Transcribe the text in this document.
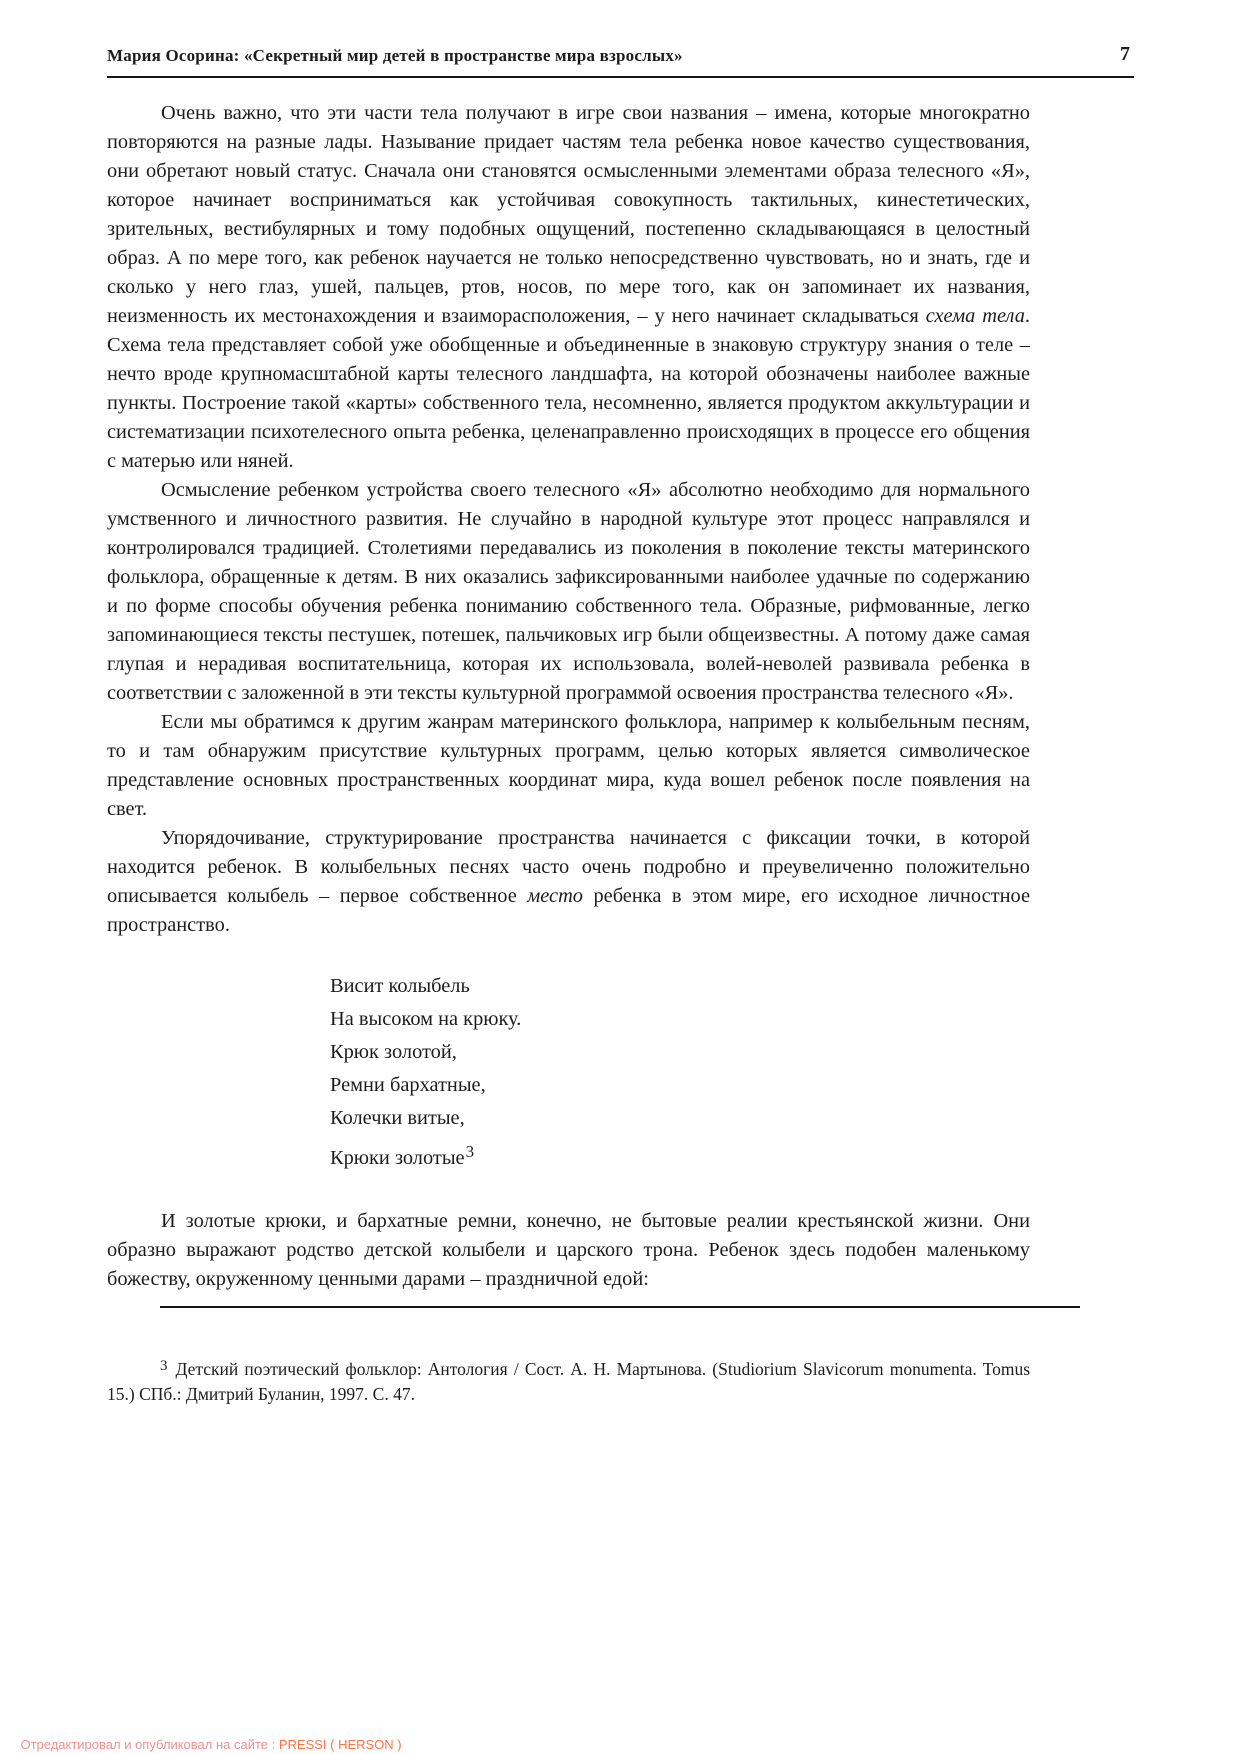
Мария Осорина: «Секретный мир детей в пространстве мира взрослых»	7

Очень важно, что эти части тела получают в игре свои названия – имена, которые многократно повторяются на разные лады. Называние придает частям тела ребенка новое качество существования, они обретают новый статус. Сначала они становятся осмысленными элементами образа телесного «Я», которое начинает восприниматься как устойчивая совокупность тактильных, кинестетических, зрительных, вестибулярных и тому подобных ощущений, постепенно складывающаяся в целостный образ. А по мере того, как ребенок научается не только непосредственно чувствовать, но и знать, где и сколько у него глаз, ушей, пальцев, ртов, носов, по мере того, как он запоминает их названия, неизменность их местонахождения и взаиморасположения, – у него начинает складываться схема тела. Схема тела представляет собой уже обобщенные и объединенные в знаковую структуру знания о теле – нечто вроде крупномасштабной карты телесного ландшафта, на которой обозначены наиболее важные пункты. Построение такой «карты» собственного тела, несомненно, является продуктом аккультурации и систематизации психотелесного опыта ребенка, целенаправленно происходящих в процессе его общения с матерью или няней.

Осмысление ребенком устройства своего телесного «Я» абсолютно необходимо для нормального умственного и личностного развития. Не случайно в народной культуре этот процесс направлялся и контролировался традицией. Столетиями передавались из поколения в поколение тексты материнского фольклора, обращенные к детям. В них оказались зафиксированными наиболее удачные по содержанию и по форме способы обучения ребенка пониманию собственного тела. Образные, рифмованные, легко запоминающиеся тексты пестушек, потешек, пальчиковых игр были общеизвестны. А потому даже самая глупая и нерадивая воспитательница, которая их использовала, волей-неволей развивала ребенка в соответствии с заложенной в эти тексты культурной программой освоения пространства телесного «Я».

Если мы обратимся к другим жанрам материнского фольклора, например к колыбельным песням, то и там обнаружим присутствие культурных программ, целью которых является символическое представление основных пространственных координат мира, куда вошел ребенок после появления на свет.

Упорядочивание, структурирование пространства начинается с фиксации точки, в которой находится ребенок. В колыбельных песнях часто очень подробно и преувеличенно положительно описывается колыбель – первое собственное место ребенка в этом мире, его исходное личностное пространство.

Висит колыбель
На высоком на крюку.
Крюк золотой,
Ремни бархатные,
Колечки витые,
Крюки золотые$^3$

И золотые крюки, и бархатные ремни, конечно, не бытовые реалии крестьянской жизни. Они образно выражают родство детской колыбели и царского трона. Ребенок здесь подобен маленькому божеству, окруженному ценными дарами – праздничной едой:

$^3$ Детский поэтический фольклор: Антология / Сост. А. Н. Мартынова. (Studiorium Slavicorum monumenta. Tomus 15.) СПб.: Дмитрий Буланин, 1997. С. 47.

Отредактировал и опубликовал на сайте : PRESSI ( HERSON )
